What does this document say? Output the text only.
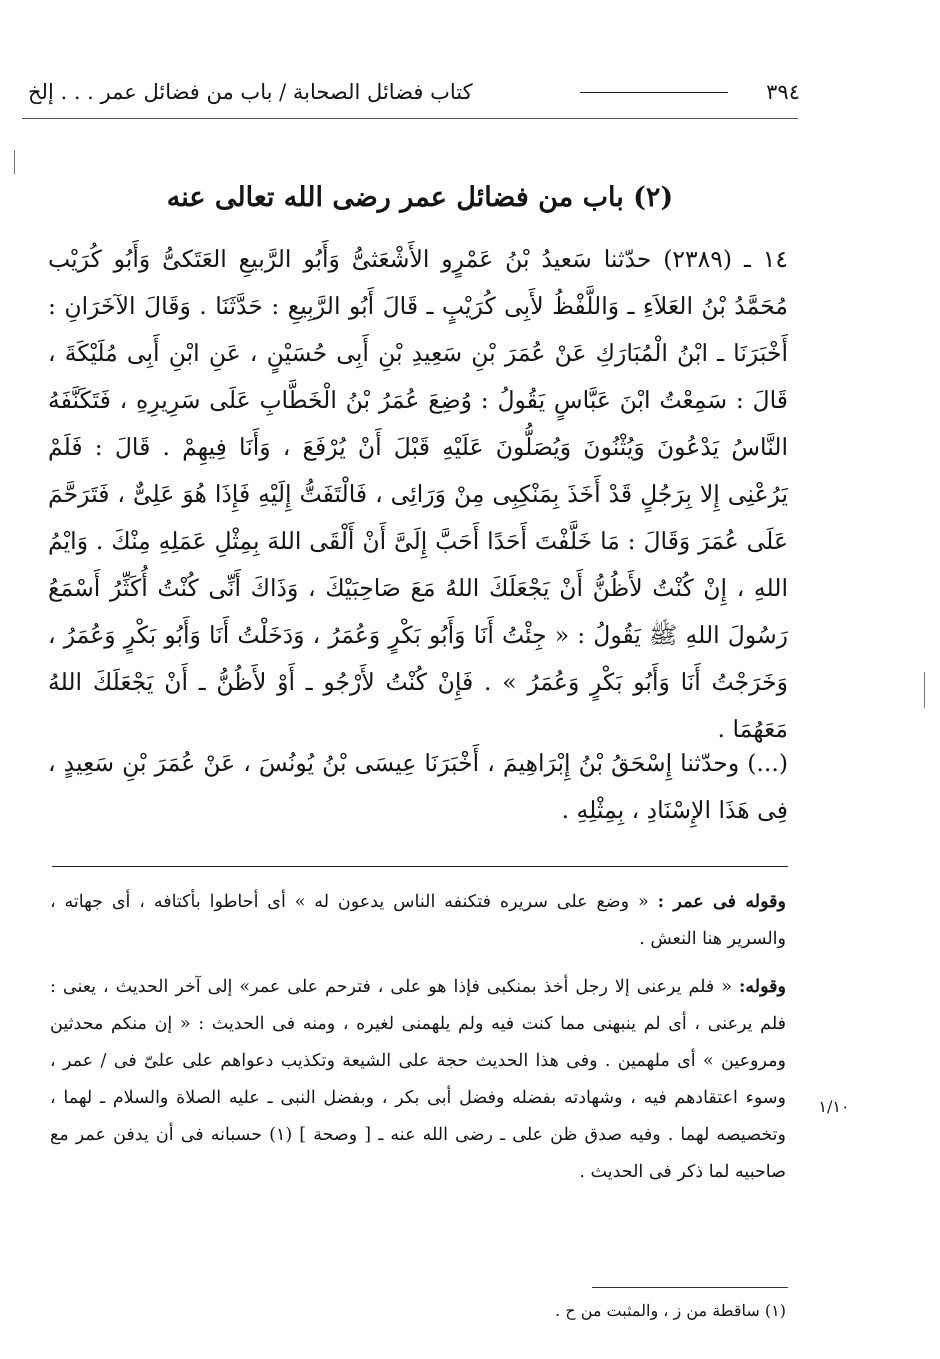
٣٩٤
كتاب فضائل الصحابة / باب من فضائل عمر . . . إلخ
(٢) باب من فضائل عمر رضى الله تعالى عنه

١٤ ـ (٢٣٨٩) حدّثنا سَعيدُ بْنُ عَمْرٍو الأَشْعَثىُّ وَأَبُو الرَّبيعِ العَتَكىُّ وَأَبُو كُرَيْب مُحَمَّدُ بْنُ العَلاَءِ ـ وَاللَّفْظُ لأَبِى كُرَيْبٍ ـ قَالَ أَبُو الرَّبِيعِ : حَدَّثَنَا . وَقَالَ الآخَرَانِ : أَخْبَرَنَا ـ ابْنُ الْمُبَارَكِ عَنْ عُمَرَ بْنِ سَعِيدِ بْنِ أَبِى حُسَيْنٍ ، عَنِ ابْنِ أَبِى مُلَيْكَةَ ، قَالَ : سَمِعْتُ ابْنَ عَبَّاسٍ يَقُولُ : وُضِعَ عُمَرُ بْنُ الْخَطَّابِ عَلَى سَرِيرِهِ ، فَتَكَنَّفَهُ النَّاسُ يَدْعُونَ وَيُثْنُونَ وَيُصَلُّونَ عَلَيْهِ قَبْلَ أَنْ يُرْفَعَ ، وَأَنَا فِيهِمْ . قَالَ : فَلَمْ يَرُعْنِى إِلا بِرَجُلٍ قَدْ أَخَذَ بِمَنْكِبِى مِنْ وَرَائِى ، فَالْتَفَتُّ إِلَيْهِ فَإِذَا هُوَ عَلِىٌّ ، فَتَرَحَّمَ عَلَى عُمَرَ وَقَالَ : مَا خَلَّفْتَ أَحَدًا أَحَبَّ إِلَىَّ أَنْ أَلْقَى اللهَ بِمِثْلِ عَمَلِهِ مِنْكَ . وَايْمُ اللهِ ، إِنْ كُنْتُ لأَظُنُّ أَنْ يَجْعَلَكَ اللهُ مَعَ صَاحِبَيْكَ ، وَذَاكَ أَنِّى كُنْتُ أُكَثِّرُ أَسْمَعُ رَسُولَ اللهِ ﷺ يَقُولُ : « جِئْتُ أَنَا وَأَبُو بَكْرٍ وَعُمَرُ ، وَدَخَلْتُ أَنَا وَأَبُو بَكْرٍ وَعُمَرُ ، وَخَرَجْتُ أَنَا وَأَبُو بَكْرٍ وَعُمَرُ » . فَإِنْ كُنْتُ لأَرْجُو ـ أَوْ لأَظُنُّ ـ أَنْ يَجْعَلَكَ اللهُ مَعَهُمَا .

(...) وحدّثنا إِسْحَقُ بْنُ إِبْرَاهِيمَ ، أَخْبَرَنَا عِيسَى بْنُ يُونُسَ ، عَنْ عُمَرَ بْنِ سَعِيدٍ ، فِى هَذَا الإِسْنَادِ ، بِمِثْلِهِ .

وقوله فى عمر : « وضع على سريره فتكنفه الناس يدعون له » أى أحاطوا بأكتافه ، أى جهاته ، والسرير هنا النعش .

وقوله: « فلم يرعنى إلا رجل أخذ بمنكبى فإذا هو على ، فترحم على عمر» إلى آخر الحديث ، يعنى : فلم يرعنى ، أى لم ينبهنى مما كنت فيه ولم يلهمنى لغيره ، ومنه فى الحديث : « إن منكم محدثين ومروعين » أى ملهمين . وفى هذا الحديث حجة على الشيعة وتكذيب دعواهم على علىّ فى / عمر ، وسوء اعتقادهم فيه ، وشهادته بفضله وفضل أبى بكر ، وبفضل النبى ـ عليه الصلاة والسلام ـ لهما ، وتخصيصه لهما . وفيه صدق ظن على ـ رضى الله عنه ـ [ وصحة ] (١) حسبانه فى أن يدفن عمر مع صاحبيه لما ذكر فى الحديث .

١/١٠

(١) ساقطة من ز ، والمثبت من ح .
